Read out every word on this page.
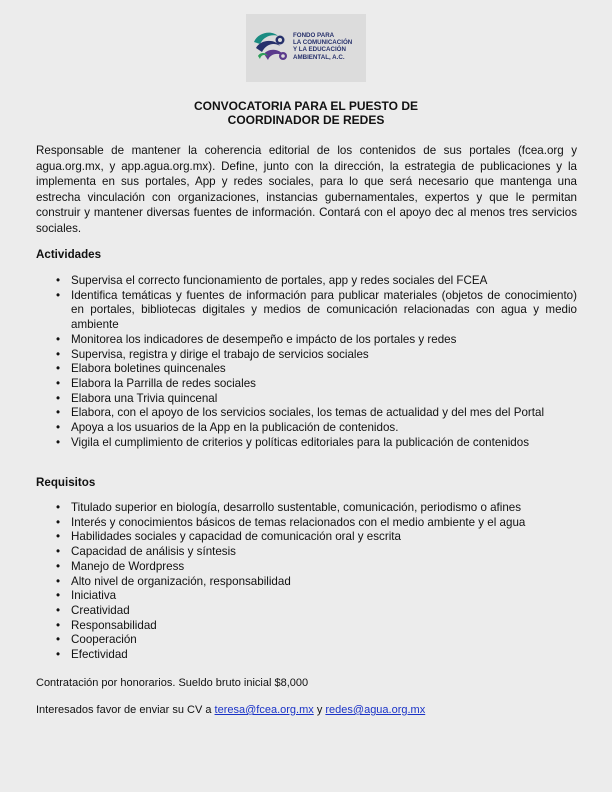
FONDO PARA
LA COMUNICACIÓN
Y LA EDUCACIÓN
AMBIENTAL, A.C.
CONVOCATORIA PARA EL PUESTO DE
COORDINADOR DE REDES
Responsable de mantener la coherencia editorial de los contenidos de sus portales (fcea.org y agua.org.mx, y app.agua.org.mx). Define, junto con la dirección, la estrategia de publicaciones y la implementa en sus portales, App y redes sociales, para lo que será necesario que mantenga una estrecha vinculación con organizaciones, instancias gubernamentales, expertos y que le permitan construir y mantener diversas fuentes de información. Contará con el apoyo dec al menos tres servicios sociales.
Actividades
• Supervisa el correcto funcionamiento de portales, app y redes sociales del FCEA
• Identifica temáticas y fuentes de información para publicar materiales (objetos de conocimiento) en portales, bibliotecas digitales y medios de comunicación relacionadas con agua y medio ambiente
• Monitorea los indicadores de desempeño e impácto de los portales y redes
• Supervisa, registra y dirige el trabajo de servicios sociales
• Elabora boletines quincenales
• Elabora la Parrilla de redes sociales
• Elabora una Trivia quincenal
• Elabora, con el apoyo de los servicios sociales, los temas de actualidad y del mes del Portal
• Apoya a los usuarios de la App en la publicación de contenidos.
• Vigila el cumplimiento de criterios y políticas editoriales para la publicación de contenidos
Requisitos
• Titulado superior en biología, desarrollo sustentable, comunicación, periodismo o afines
• Interés y conocimientos básicos de temas relacionados con el medio ambiente y el agua
• Habilidades sociales y capacidad de comunicación oral y escrita
• Capacidad de análisis y síntesis
• Manejo de Wordpress
• Alto nivel de organización, responsabilidad
• Iniciativa
• Creatividad
• Responsabilidad
• Cooperación
• Efectividad
Contratación por honorarios. Sueldo bruto inicial $8,000
Interesados favor de enviar su CV a teresa@fcea.org.mx y redes@agua.org.mx
